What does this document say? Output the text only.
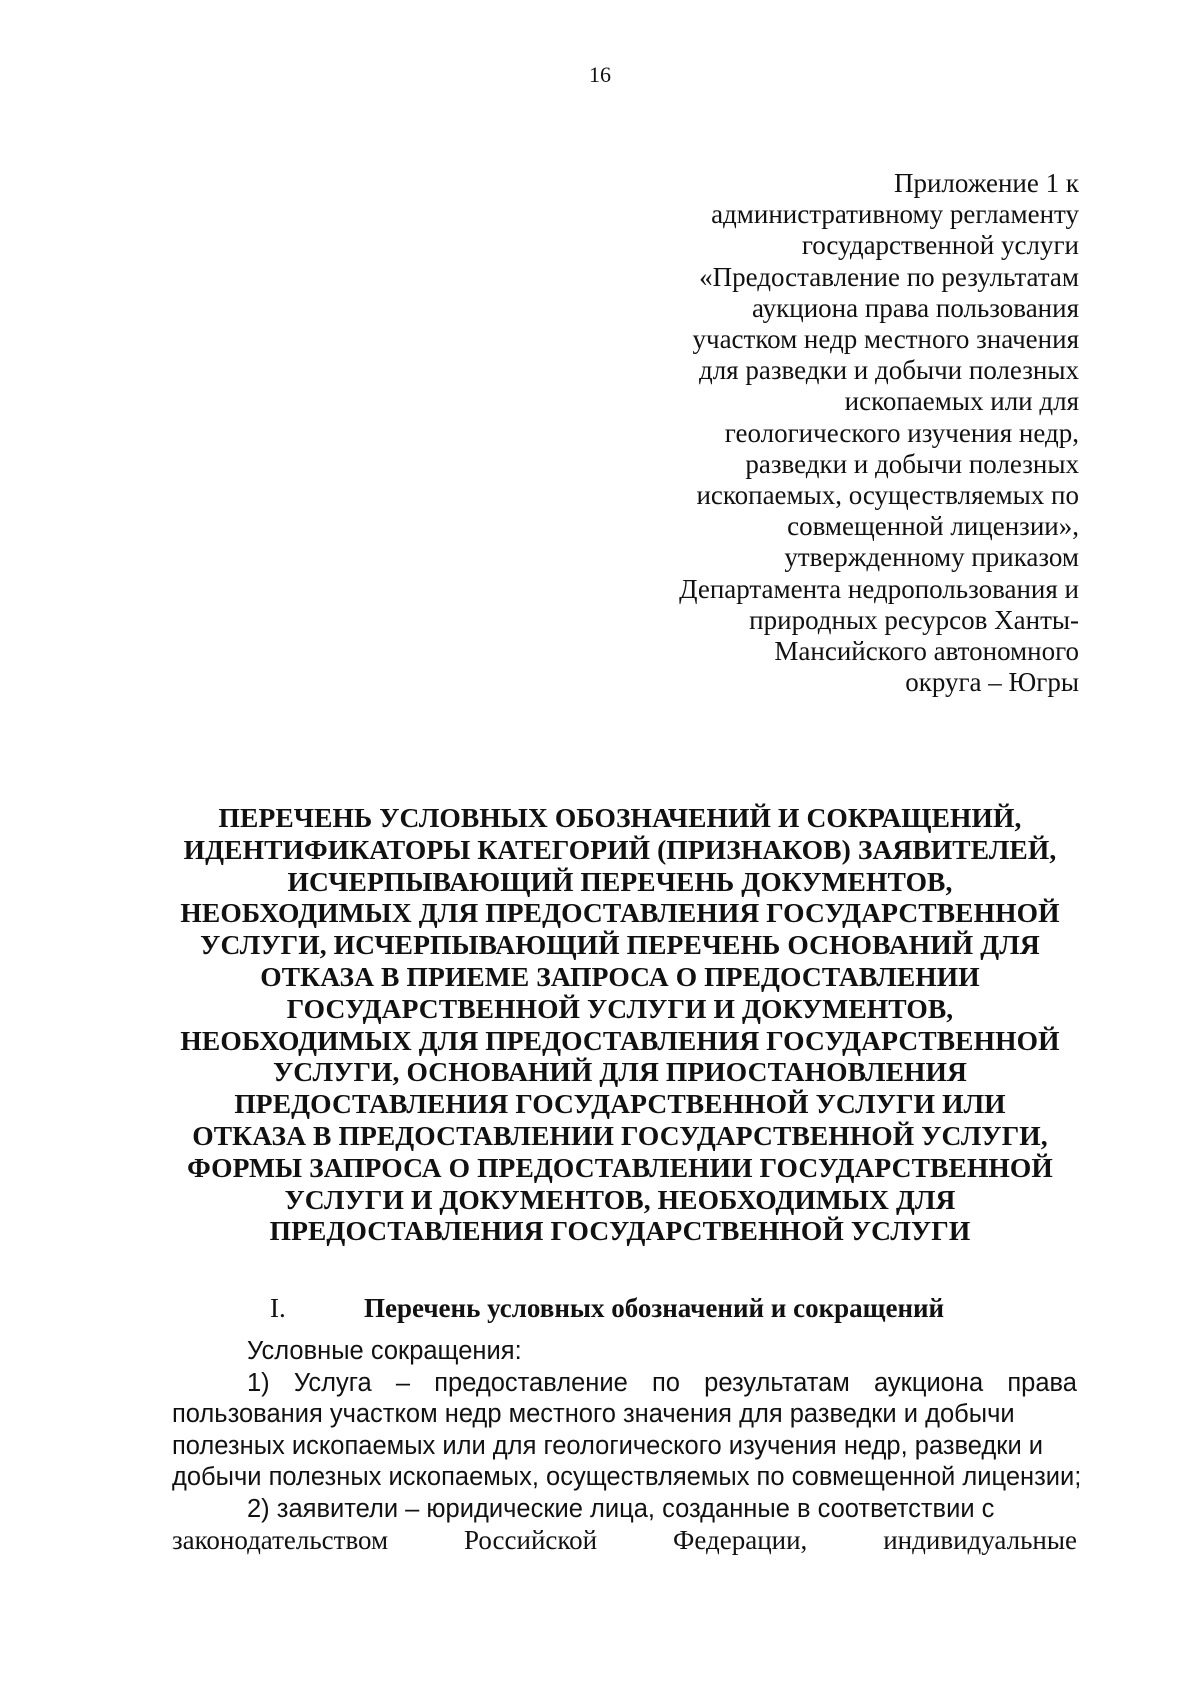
16
Приложение 1 к
административному регламенту
государственной услуги
«Предоставление по результатам
аукциона права пользования
участком недр местного значения
для разведки и добычи полезных
ископаемых или для
геологического изучения недр,
разведки и добычи полезных
ископаемых, осуществляемых по
совмещенной лицензии»,
утвержденному приказом
Департамента недропользования и
природных ресурсов Ханты-
Мансийского автономного
округа – Югры
ПЕРЕЧЕНЬ УСЛОВНЫХ ОБОЗНАЧЕНИЙ И СОКРАЩЕНИЙ,
ИДЕНТИФИКАТОРЫ КАТЕГОРИЙ (ПРИЗНАКОВ) ЗАЯВИТЕЛЕЙ,
ИСЧЕРПЫВАЮЩИЙ ПЕРЕЧЕНЬ ДОКУМЕНТОВ,
НЕОБХОДИМЫХ ДЛЯ ПРЕДОСТАВЛЕНИЯ ГОСУДАРСТВЕННОЙ
УСЛУГИ, ИСЧЕРПЫВАЮЩИЙ ПЕРЕЧЕНЬ ОСНОВАНИЙ ДЛЯ
ОТКАЗА В ПРИЕМЕ ЗАПРОСА О ПРЕДОСТАВЛЕНИИ
ГОСУДАРСТВЕННОЙ УСЛУГИ И ДОКУМЕНТОВ,
НЕОБХОДИМЫХ ДЛЯ ПРЕДОСТАВЛЕНИЯ ГОСУДАРСТВЕННОЙ
УСЛУГИ, ОСНОВАНИЙ ДЛЯ ПРИОСТАНОВЛЕНИЯ
ПРЕДОСТАВЛЕНИЯ ГОСУДАРСТВЕННОЙ УСЛУГИ ИЛИ
ОТКАЗА В ПРЕДОСТАВЛЕНИИ ГОСУДАРСТВЕННОЙ УСЛУГИ,
ФОРМЫ ЗАПРОСА О ПРЕДОСТАВЛЕНИИ ГОСУДАРСТВЕННОЙ
УСЛУГИ И ДОКУМЕНТОВ, НЕОБХОДИМЫХ ДЛЯ
ПРЕДОСТАВЛЕНИЯ ГОСУДАРСТВЕННОЙ УСЛУГИ
I.	Перечень условных обозначений и сокращений
Условные сокращения:
1) Услуга – предоставление по результатам аукциона права
пользования участком недр местного значения для разведки и добычи
полезных ископаемых или для геологического изучения недр, разведки и
добычи полезных ископаемых, осуществляемых по совмещенной лицензии;
2) заявители – юридические лица, созданные в соответствии с
законодательством	Российской	Федерации,	индивидуальные
